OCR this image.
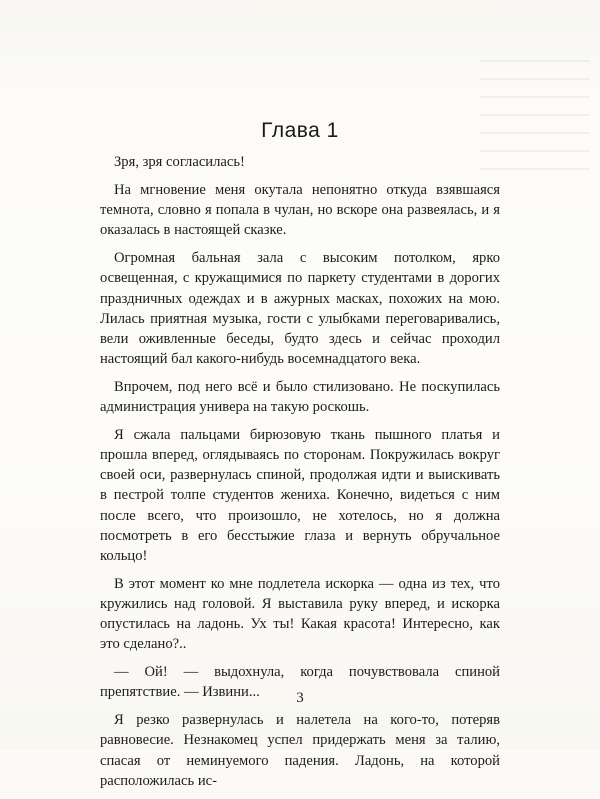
Глава 1

Зря, зря согласилась!

На мгновение меня окутала непонятно откуда взявшаяся темнота, словно я попала в чулан, но вскоре она развеялась, и я оказалась в настоящей сказке.

Огромная бальная зала с высоким потолком, ярко освещенная, с кружащимися по паркету студентами в дорогих праздничных одеждах и в ажурных масках, похожих на мою. Лилась приятная музыка, гости с улыбками переговаривались, вели оживленные беседы, будто здесь и сейчас проходил настоящий бал какого-нибудь восемнадцатого века.

Впрочем, под него всё и было стилизовано. Не поскупилась администрация универа на такую роскошь.

Я сжала пальцами бирюзовую ткань пышного платья и прошла вперед, оглядываясь по сторонам. Покружилась вокруг своей оси, развернулась спиной, продолжая идти и выискивать в пестрой толпе студентов жениха. Конечно, видеться с ним после всего, что произошло, не хотелось, но я должна посмотреть в его бесстыжие глаза и вернуть обручальное кольцо!

В этот момент ко мне подлетела искорка — одна из тех, что кружились над головой. Я выставила руку вперед, и искорка опустилась на ладонь. Ух ты! Какая красота! Интересно, как это сделано?..

— Ой! — выдохнула, когда почувствовала спиной препятствие. — Извини...

Я резко развернулась и налетела на кого-то, потеряв равновесие. Незнакомец успел придержать меня за талию, спасая от неминуемого падения. Ладонь, на которой расположилась ис-

3
